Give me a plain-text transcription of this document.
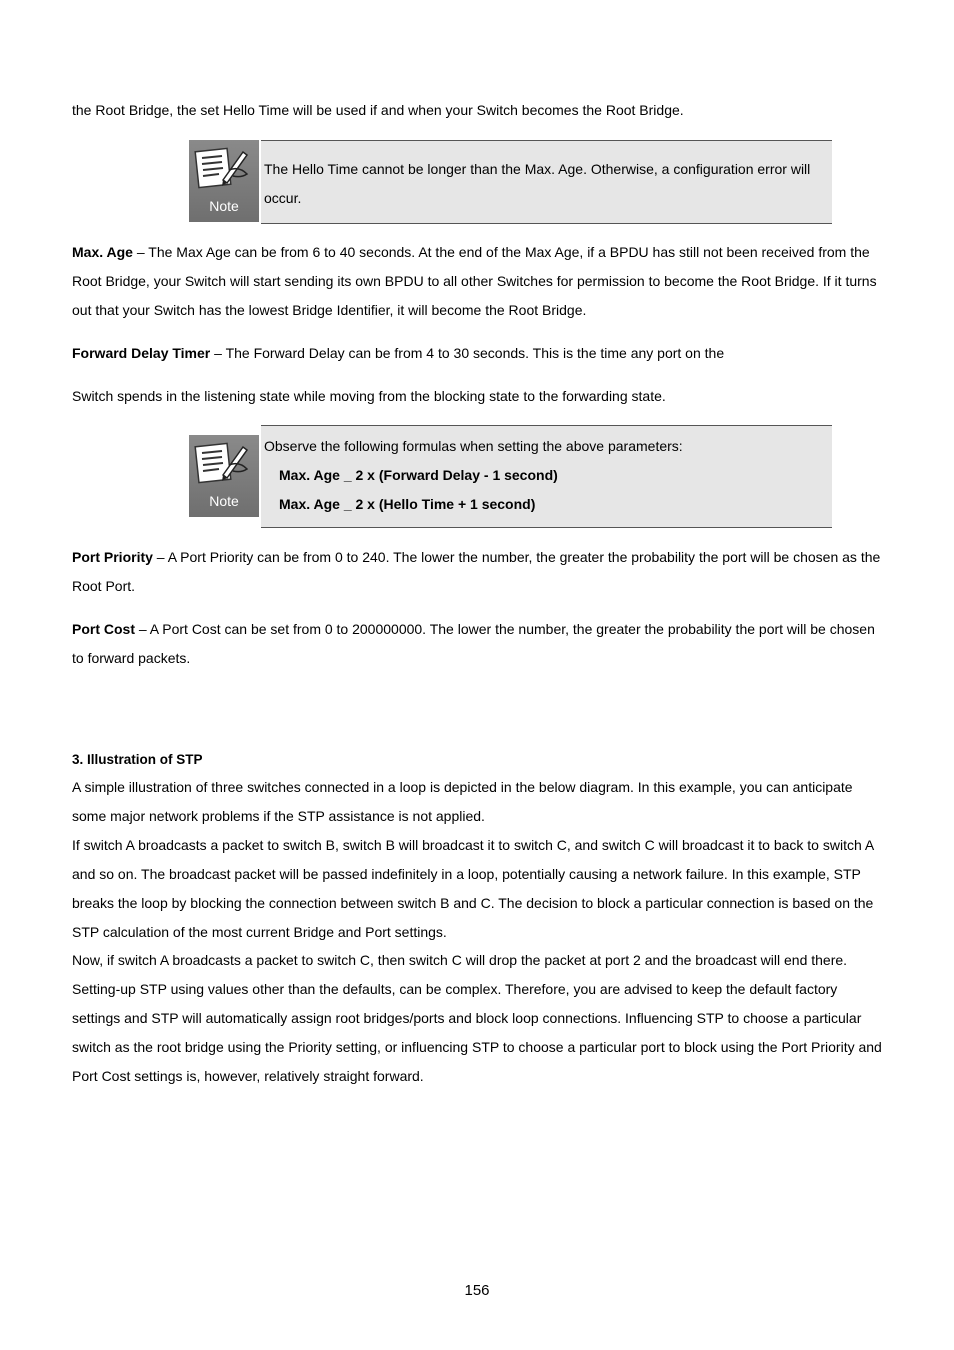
the Root Bridge, the set Hello Time will be used if and when your Switch becomes the Root Bridge.

Note
The Hello Time cannot be longer than the Max. Age. Otherwise, a configuration error will occur.

Max. Age – The Max Age can be from 6 to 40 seconds. At the end of the Max Age, if a BPDU has still not been received from the Root Bridge, your Switch will start sending its own BPDU to all other Switches for permission to become the Root Bridge. If it turns out that your Switch has the lowest Bridge Identifier, it will become the Root Bridge.

Forward Delay Timer – The Forward Delay can be from 4 to 30 seconds. This is the time any port on the

Switch spends in the listening state while moving from the blocking state to the forwarding state.

Note
Observe the following formulas when setting the above parameters:
Max. Age _ 2 x (Forward Delay - 1 second)
Max. Age _ 2 x (Hello Time + 1 second)

Port Priority – A Port Priority can be from 0 to 240. The lower the number, the greater the probability the port will be chosen as the Root Port.

Port Cost – A Port Cost can be set from 0 to 200000000. The lower the number, the greater the probability the port will be chosen to forward packets.

3. Illustration of STP

A simple illustration of three switches connected in a loop is depicted in the below diagram. In this example, you can anticipate some major network problems if the STP assistance is not applied.

If switch A broadcasts a packet to switch B, switch B will broadcast it to switch C, and switch C will broadcast it to back to switch A and so on. The broadcast packet will be passed indefinitely in a loop, potentially causing a network failure. In this example, STP breaks the loop by blocking the connection between switch B and C. The decision to block a particular connection is based on the STP calculation of the most current Bridge and Port settings.

Now, if switch A broadcasts a packet to switch C, then switch C will drop the packet at port 2 and the broadcast will end there. Setting-up STP using values other than the defaults, can be complex. Therefore, you are advised to keep the default factory settings and STP will automatically assign root bridges/ports and block loop connections. Influencing STP to choose a particular switch as the root bridge using the Priority setting, or influencing STP to choose a particular port to block using the Port Priority and Port Cost settings is, however, relatively straight forward.

156
